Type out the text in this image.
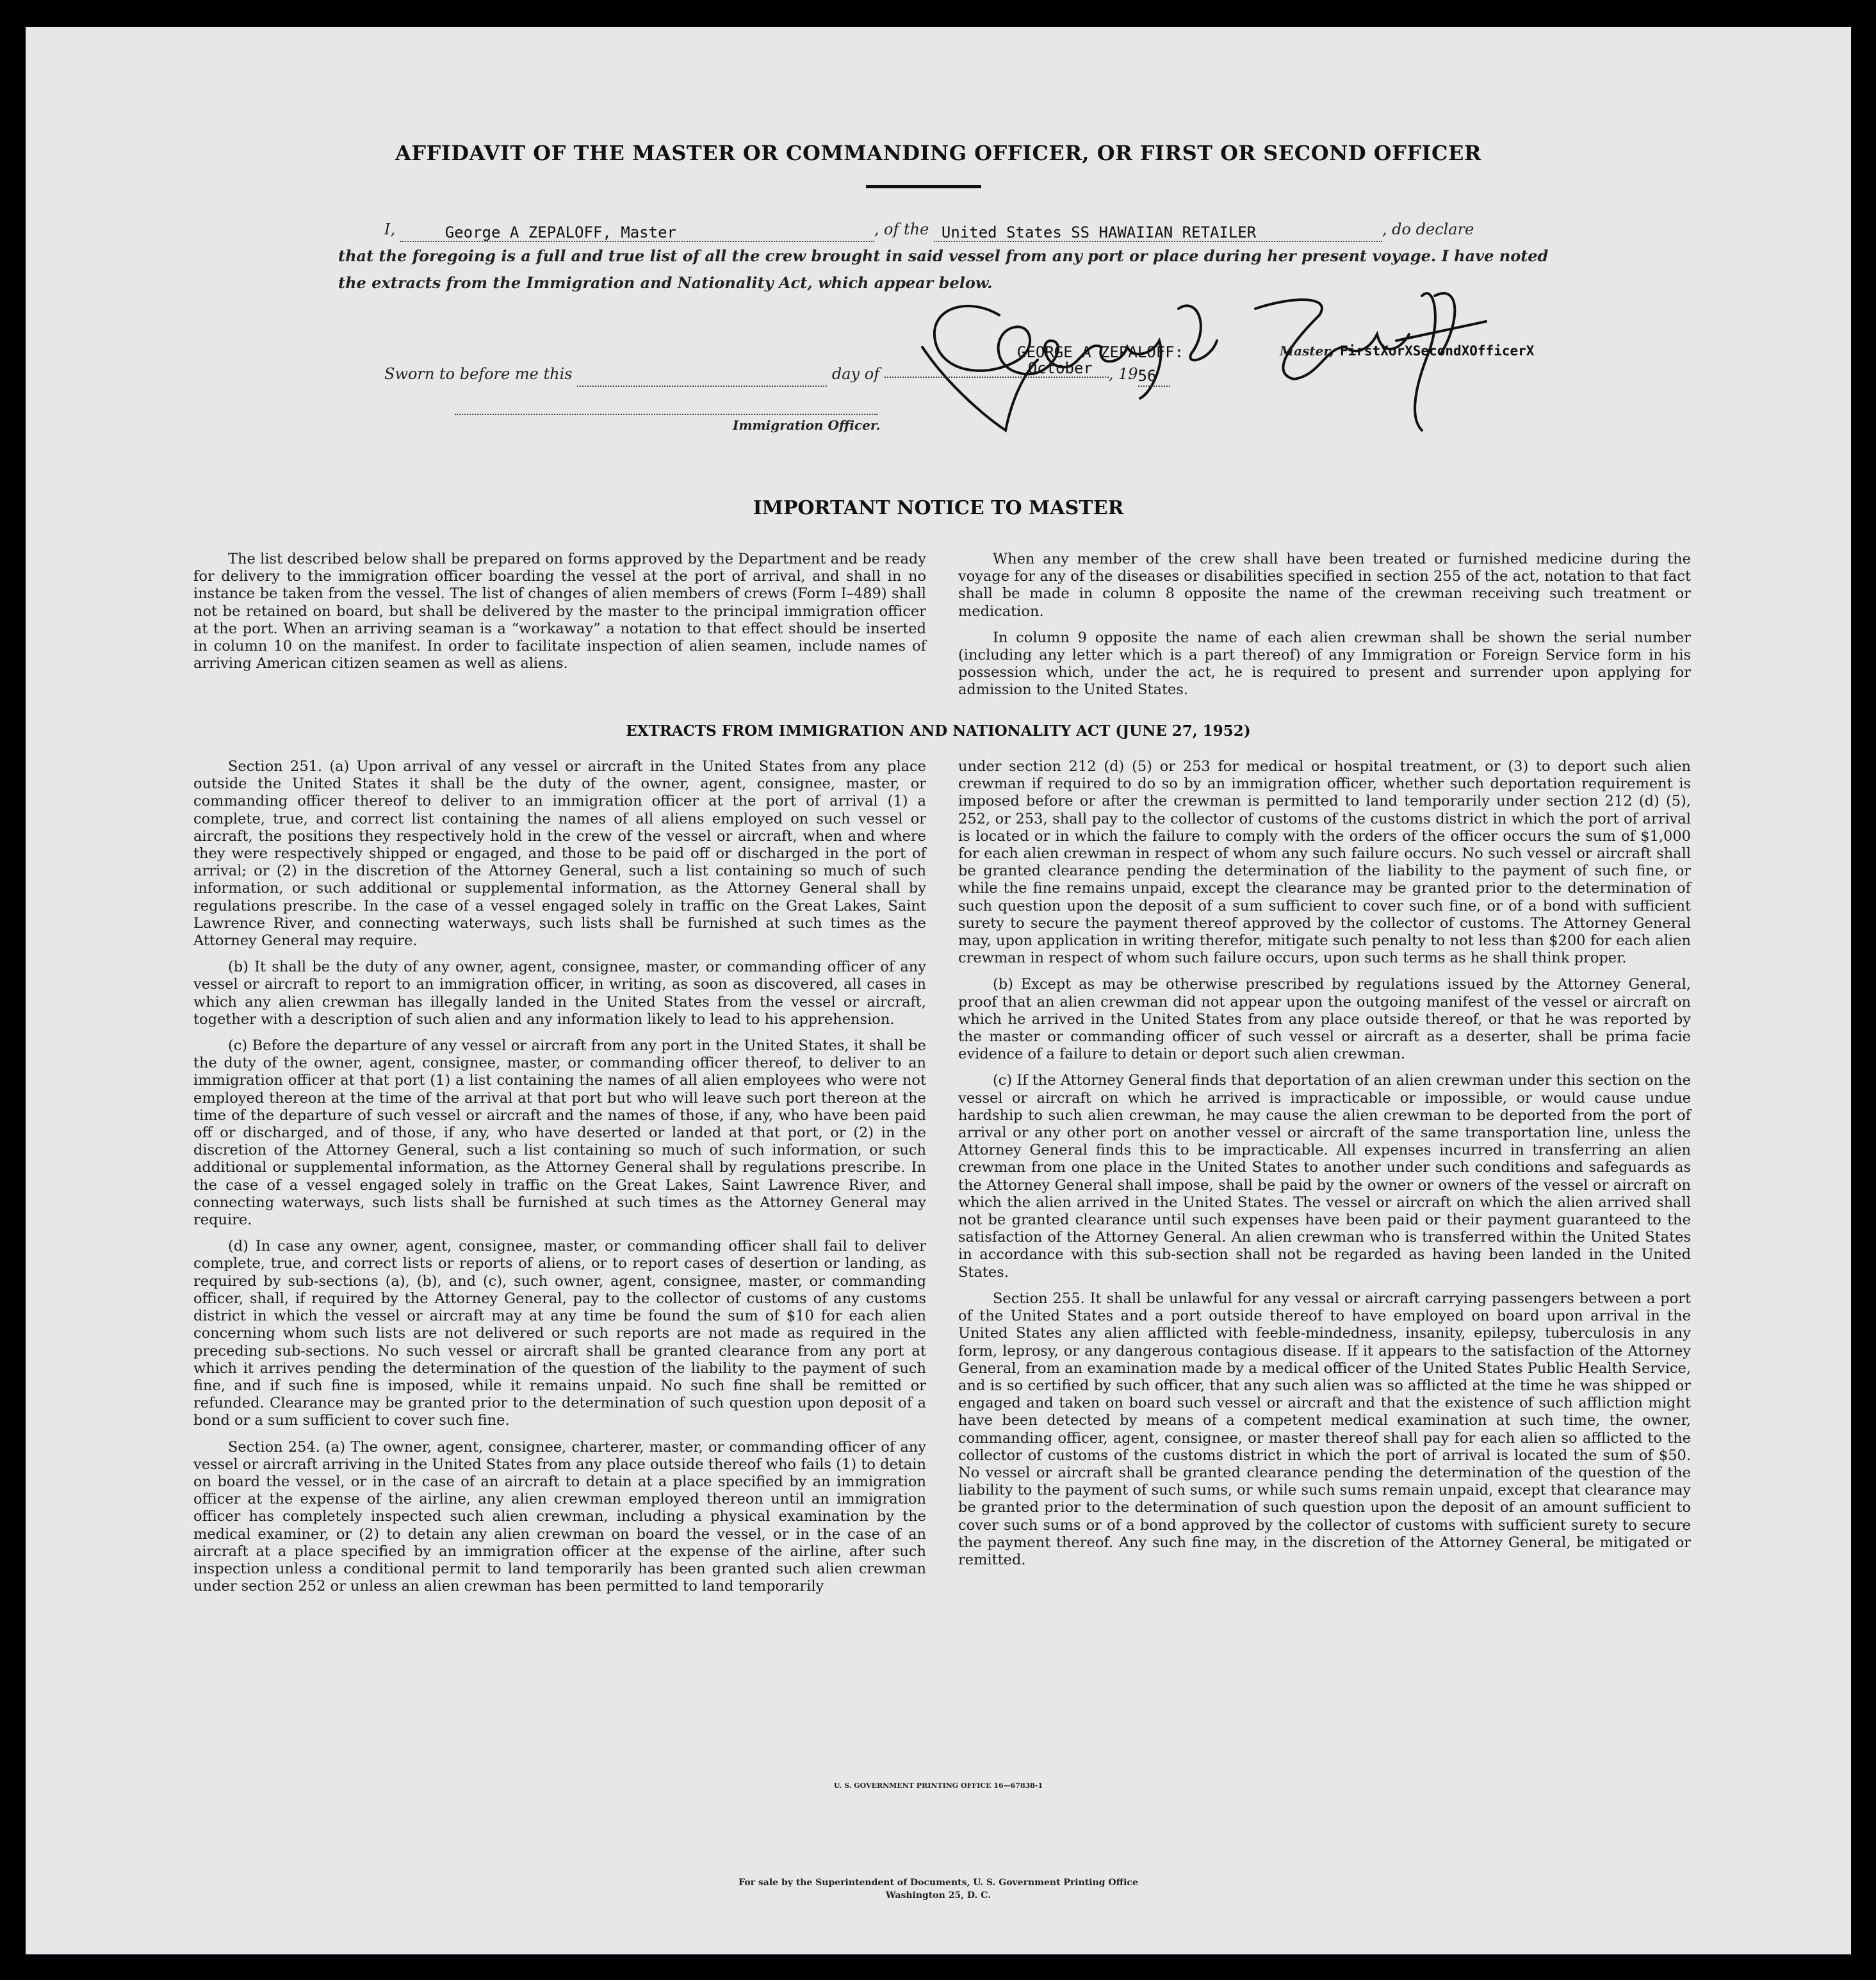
AFFIDAVIT OF THE MASTER OR COMMANDING OFFICER, OR FIRST OR SECOND OFFICER
I,	George A ZEPALOFF, Master	, of the United States SS HAWAIIAN RETAILER	, do declare
that the foregoing is a full and true list of all the crew brought in said vessel from any port or place during her present voyage. I have noted
the extracts from the Immigration and Nationality Act, which appear below.
GEORGE A ZEPALOFF:	Master, FirstXorXSecondXOfficerX
Sworn to before me this	day of	October , 1956
Immigration Officer.
IMPORTANT NOTICE TO MASTER

The list described below shall be prepared on forms approved by the Department and be ready for delivery to the immigration officer boarding the vessel at the port of arrival, and shall in no instance be taken from the vessel. The list of changes of alien members of crews (Form I–489) shall not be retained on board, but shall be delivered by the master to the principal immigration officer at the port. When an arriving seaman is a “workaway” a notation to that effect should be inserted in column 10 on the manifest. In order to facilitate inspection of alien seamen, include names of arriving American citizen seamen as well as aliens.

When any member of the crew shall have been treated or furnished medicine during the voyage for any of the diseases or disabilities specified in section 255 of the act, notation to that fact shall be made in column 8 opposite the name of the crewman receiving such treatment or medication.

In column 9 opposite the name of each alien crewman shall be shown the serial number (including any letter which is a part thereof) of any Immigration or Foreign Service form in his possession which, under the act, he is required to present and surrender upon applying for admission to the United States.

EXTRACTS FROM IMMIGRATION AND NATIONALITY ACT (JUNE 27, 1952)

Section 251. (a) Upon arrival of any vessel or aircraft in the United States from any place outside the United States it shall be the duty of the owner, agent, consignee, master, or commanding officer thereof to deliver to an immigration officer at the port of arrival (1) a complete, true, and correct list containing the names of all aliens employed on such vessel or aircraft, the positions they respectively hold in the crew of the vessel or aircraft, when and where they were respectively shipped or engaged, and those to be paid off or discharged in the port of arrival; or (2) in the discretion of the Attorney General, such a list containing so much of such information, or such additional or supplemental information, as the Attorney General shall by regulations prescribe. In the case of a vessel engaged solely in traffic on the Great Lakes, Saint Lawrence River, and connecting waterways, such lists shall be furnished at such times as the Attorney General may require.

(b) It shall be the duty of any owner, agent, consignee, master, or commanding officer of any vessel or aircraft to report to an immigration officer, in writing, as soon as discovered, all cases in which any alien crewman has illegally landed in the United States from the vessel or aircraft, together with a description of such alien and any information likely to lead to his apprehension.

(c) Before the departure of any vessel or aircraft from any port in the United States, it shall be the duty of the owner, agent, consignee, master, or commanding officer thereof, to deliver to an immigration officer at that port (1) a list containing the names of all alien employees who were not employed thereon at the time of the arrival at that port but who will leave such port thereon at the time of the departure of such vessel or aircraft and the names of those, if any, who have been paid off or discharged, and of those, if any, who have deserted or landed at that port, or (2) in the discretion of the Attorney General, such a list containing so much of such information, or such additional or supplemental information, as the Attorney General shall by regulations prescribe. In the case of a vessel engaged solely in traffic on the Great Lakes, Saint Lawrence River, and connecting waterways, such lists shall be furnished at such times as the Attorney General may require.

(d) In case any owner, agent, consignee, master, or commanding officer shall fail to deliver complete, true, and correct lists or reports of aliens, or to report cases of desertion or landing, as required by sub-sections (a), (b), and (c), such owner, agent, consignee, master, or commanding officer, shall, if required by the Attorney General, pay to the collector of customs of any customs district in which the vessel or aircraft may at any time be found the sum of $10 for each alien concerning whom such lists are not delivered or such reports are not made as required in the preceding sub-sections. No such vessel or aircraft shall be granted clearance from any port at which it arrives pending the determination of the question of the liability to the payment of such fine, and if such fine is imposed, while it remains unpaid. No such fine shall be remitted or refunded. Clearance may be granted prior to the determination of such question upon deposit of a bond or a sum sufficient to cover such fine.

Section 254. (a) The owner, agent, consignee, charterer, master, or commanding officer of any vessel or aircraft arriving in the United States from any place outside thereof who fails (1) to detain on board the vessel, or in the case of an aircraft to detain at a place specified by an immigration officer at the expense of the airline, any alien crewman employed thereon until an immigration officer has completely inspected such alien crewman, including a physical examination by the medical examiner, or (2) to detain any alien crewman on board the vessel, or in the case of an aircraft at a place specified by an immigration officer at the expense of the airline, after such inspection unless a conditional permit to land temporarily has been granted such alien crewman under section 252 or unless an alien crewman has been permitted to land temporarily

under section 212 (d) (5) or 253 for medical or hospital treatment, or (3) to deport such alien crewman if required to do so by an immigration officer, whether such deportation requirement is imposed before or after the crewman is permitted to land temporarily under section 212 (d) (5), 252, or 253, shall pay to the collector of customs of the customs district in which the port of arrival is located or in which the failure to comply with the orders of the officer occurs the sum of $1,000 for each alien crewman in respect of whom any such failure occurs. No such vessel or aircraft shall be granted clearance pending the determination of the liability to the payment of such fine, or while the fine remains unpaid, except the clearance may be granted prior to the determination of such question upon the deposit of a sum sufficient to cover such fine, or of a bond with sufficient surety to secure the payment thereof approved by the collector of customs. The Attorney General may, upon application in writing therefor, mitigate such penalty to not less than $200 for each alien crewman in respect of whom such failure occurs, upon such terms as he shall think proper.

(b) Except as may be otherwise prescribed by regulations issued by the Attorney General, proof that an alien crewman did not appear upon the outgoing manifest of the vessel or aircraft on which he arrived in the United States from any place outside thereof, or that he was reported by the master or commanding officer of such vessel or aircraft as a deserter, shall be prima facie evidence of a failure to detain or deport such alien crewman.

(c) If the Attorney General finds that deportation of an alien crewman under this section on the vessel or aircraft on which he arrived is impracticable or impossible, or would cause undue hardship to such alien crewman, he may cause the alien crewman to be deported from the port of arrival or any other port on another vessel or aircraft of the same transportation line, unless the Attorney General finds this to be impracticable. All expenses incurred in transferring an alien crewman from one place in the United States to another under such conditions and safeguards as the Attorney General shall impose, shall be paid by the owner or owners of the vessel or aircraft on which the alien arrived in the United States. The vessel or aircraft on which the alien arrived shall not be granted clearance until such expenses have been paid or their payment guaranteed to the satisfaction of the Attorney General. An alien crewman who is transferred within the United States in accordance with this sub-section shall not be regarded as having been landed in the United States.

Section 255. It shall be unlawful for any vessal or aircraft carrying passengers between a port of the United States and a port outside thereof to have employed on board upon arrival in the United States any alien afflicted with feeble-mindedness, insanity, epilepsy, tuberculosis in any form, leprosy, or any dangerous contagious disease. If it appears to the satisfaction of the Attorney General, from an examination made by a medical officer of the United States Public Health Service, and is so certified by such officer, that any such alien was so afflicted at the time he was shipped or engaged and taken on board such vessel or aircraft and that the existence of such affliction might have been detected by means of a competent medical examination at such time, the owner, commanding officer, agent, consignee, or master thereof shall pay for each alien so afflicted to the collector of customs of the customs district in which the port of arrival is located the sum of $50. No vessel or aircraft shall be granted clearance pending the determination of the question of the liability to the payment of such sums, or while such sums remain unpaid, except that clearance may be granted prior to the determination of such question upon the deposit of an amount sufficient to cover such sums or of a bond approved by the collector of customs with sufficient surety to secure the payment thereof. Any such fine may, in the discretion of the Attorney General, be mitigated or remitted.

U. S. GOVERNMENT PRINTING OFFICE 16—67838-1
For sale by the Superintendent of Documents, U. S. Government Printing Office
Washington 25, D. C.
